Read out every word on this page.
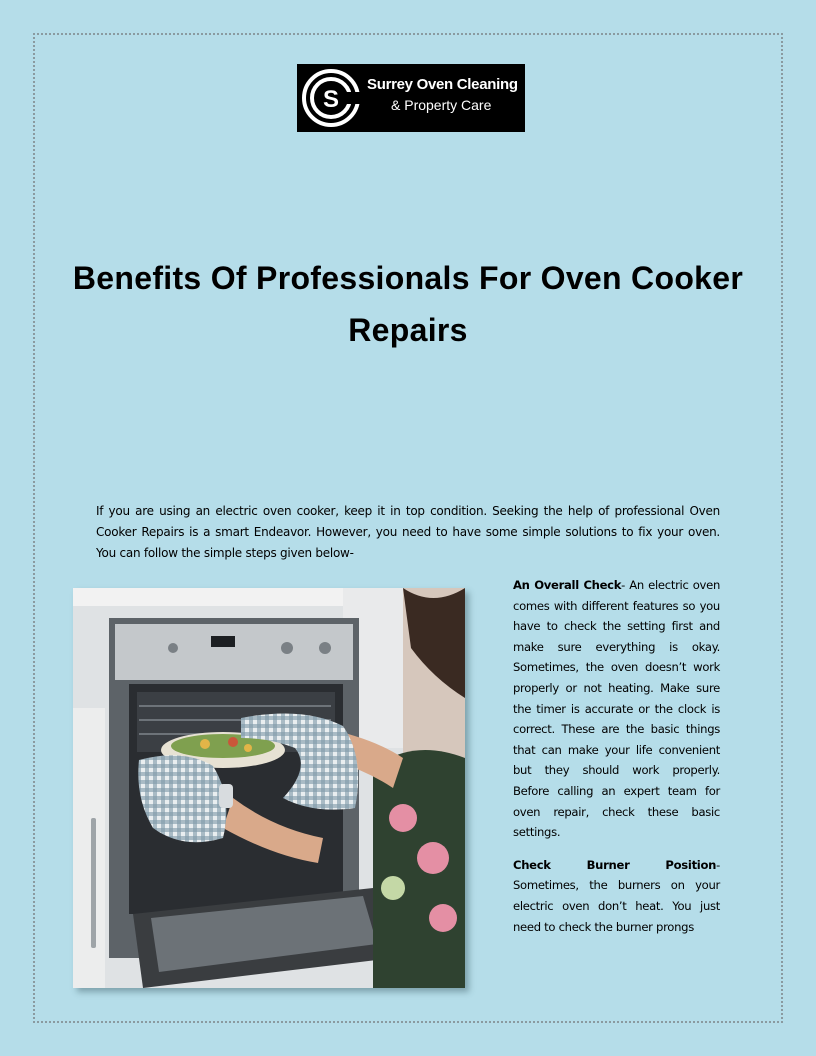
S
Surrey Oven Cleaning
& Property Care
Benefits Of Professionals For Oven Cooker Repairs

If you are using an electric oven cooker, keep it in top condition. Seeking the help of professional Oven Cooker Repairs is a smart Endeavor. However, you need to have some simple solutions to fix your oven. You can follow the simple steps given below-

An Overall Check- An electric oven comes with different features so you have to check the setting first and make sure everything is okay. Sometimes, the oven doesn’t work properly or not heating. Make sure the timer is accurate or the clock is correct. These are the basic things that can make your life convenient but they should work properly. Before calling an expert team for oven repair, check these basic settings.

Check Burner Position- Sometimes, the burners on your electric oven don’t heat. You just need to check the burner prongs
